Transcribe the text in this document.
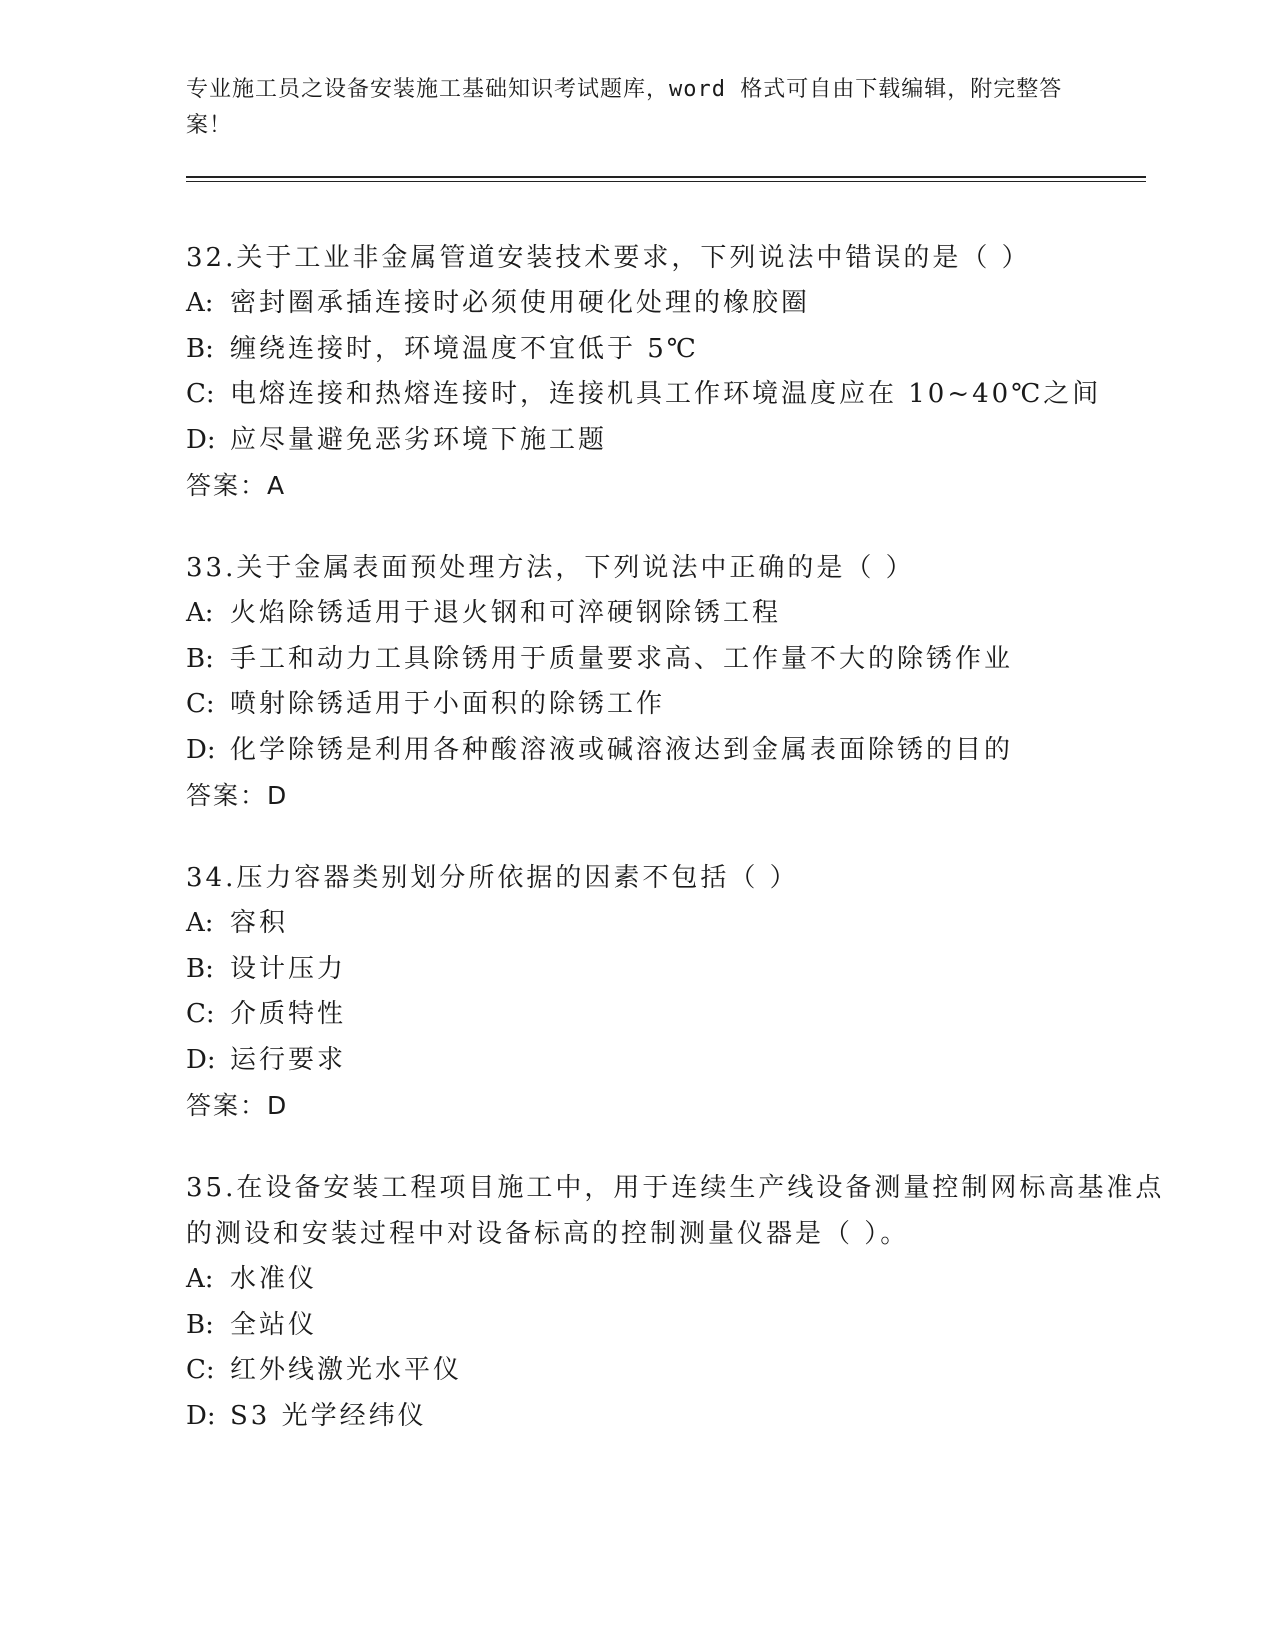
专业施工员之设备安装施工基础知识考试题库，word 格式可自由下载编辑，附完整答案！
32.关于工业非金属管道安装技术要求，下列说法中错误的是（ ）
A: 密封圈承插连接时必须使用硬化处理的橡胶圈
B: 缠绕连接时，环境温度不宜低于 5℃
C: 电熔连接和热熔连接时，连接机具工作环境温度应在 10~40℃之间
D: 应尽量避免恶劣环境下施工题
答案：A
33.关于金属表面预处理方法，下列说法中正确的是（ ）
A: 火焰除锈适用于退火钢和可淬硬钢除锈工程
B: 手工和动力工具除锈用于质量要求高、工作量不大的除锈作业
C: 喷射除锈适用于小面积的除锈工作
D: 化学除锈是利用各种酸溶液或碱溶液达到金属表面除锈的目的
答案：D
34.压力容器类别划分所依据的因素不包括（ ）
A: 容积
B: 设计压力
C: 介质特性
D: 运行要求
答案：D
35.在设备安装工程项目施工中，用于连续生产线设备测量控制网标高基准点的测设和安装过程中对设备标高的控制测量仪器是（ ）。
A: 水准仪
B: 全站仪
C: 红外线激光水平仪
D: S3 光学经纬仪
